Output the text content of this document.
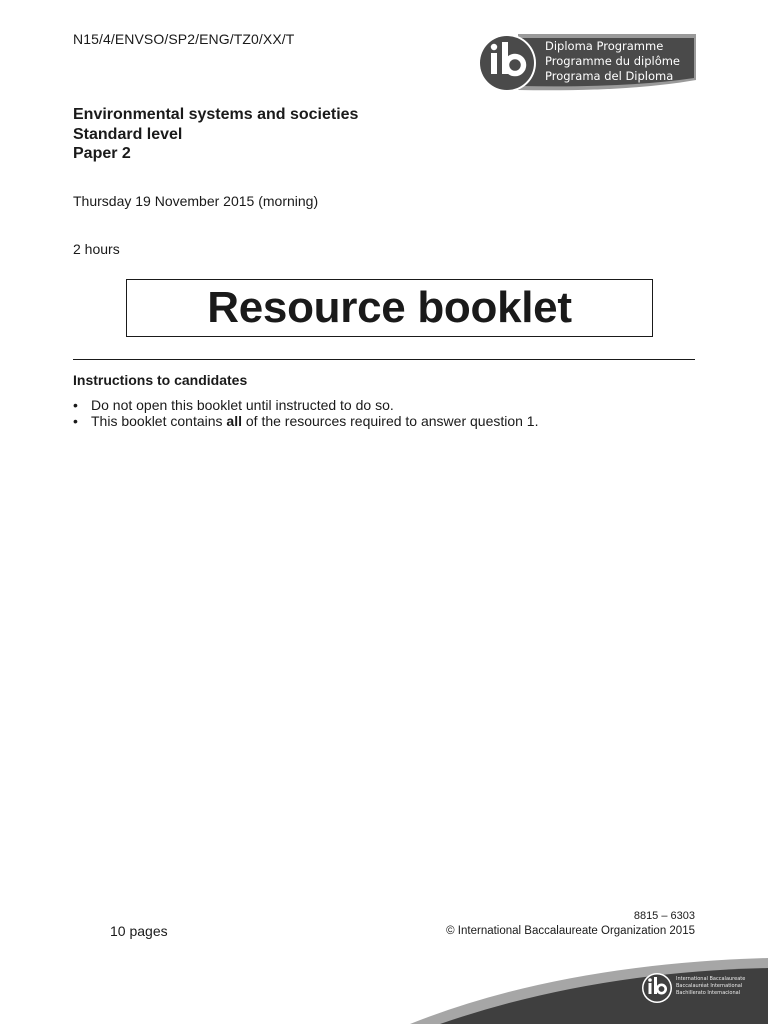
N15/4/ENVSO/SP2/ENG/TZ0/XX/T	Diploma Programme
Programme du diplôme
Programa del Diploma
Environmental systems and societies
Standard level
Paper 2
Thursday 19 November 2015 (morning)
2 hours
Resource booklet
Instructions to candidates
• Do not open this booklet until instructed to do so.
• This booklet contains all of the resources required to answer question 1.
10 pages
8815 – 6303
© International Baccalaureate Organization 2015
International Baccalaureate
Baccalauréat International
Bachillerato Internacional
